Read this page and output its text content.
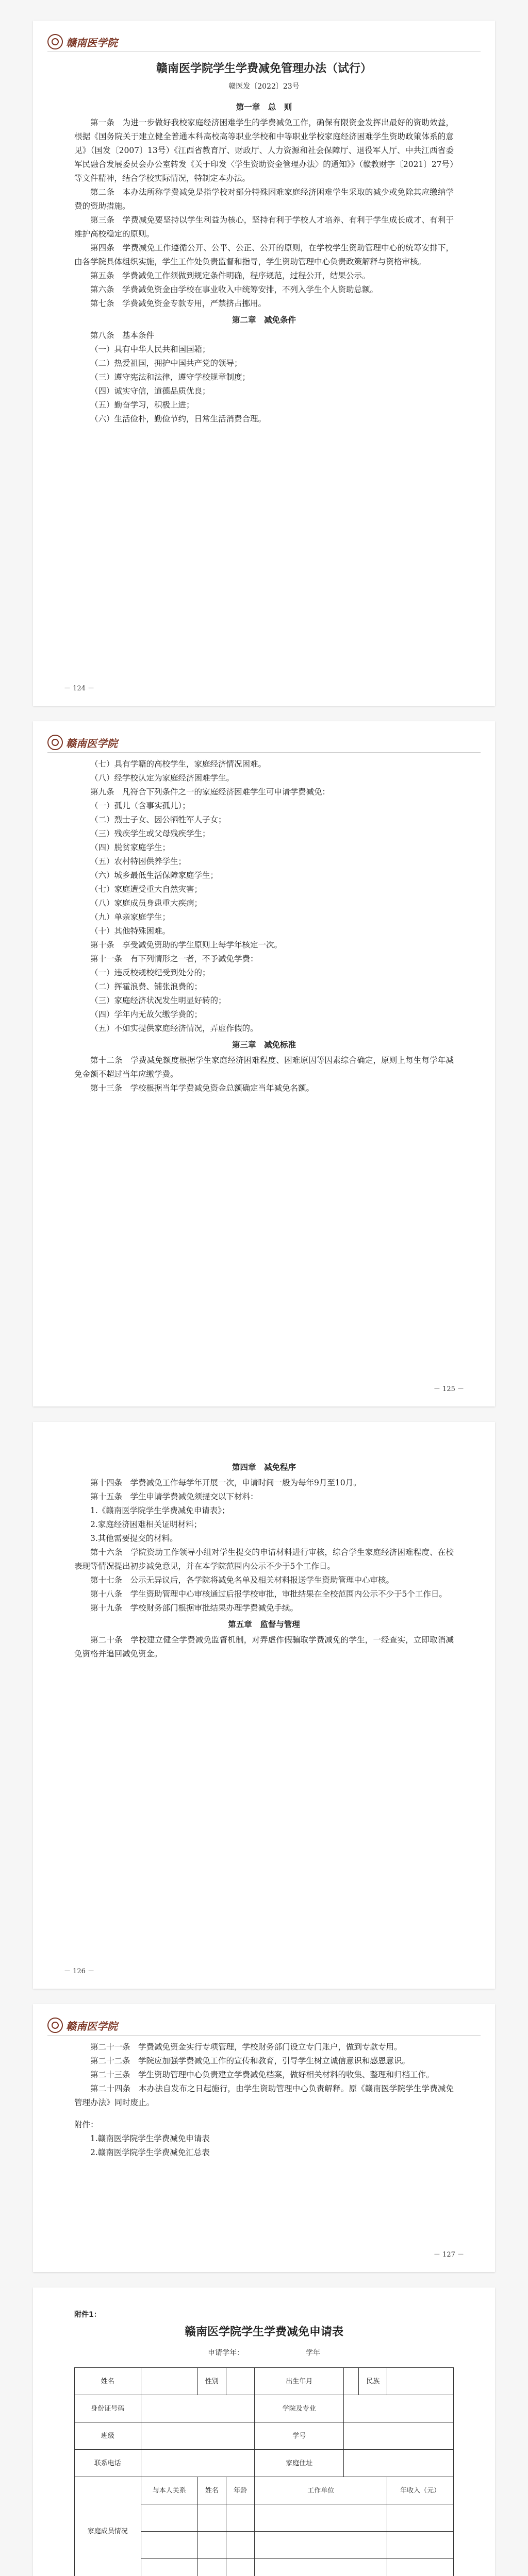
赣南医学院
赣南医学院学生学费减免管理办法（试行）
赣医发〔2022〕23号
第一章　总　则

第一条　为进一步做好我校家庭经济困难学生的学费减免工作，确保有限资金发挥出最好的资助效益，根据《国务院关于建立健全普通本科高校高等职业学校和中等职业学校家庭经济困难学生资助政策体系的意见》（国发〔2007〕13号）《江西省教育厅、财政厅、人力资源和社会保障厅、退役军人厅、中共江西省委军民融合发展委员会办公室转发《关于印发〈学生资助资金管理办法〉的通知》》（赣教财字〔2021〕27号）等文件精神，结合学校实际情况，特制定本办法。

第二条　本办法所称学费减免是指学校对部分特殊困难家庭经济困难学生采取的减少或免除其应缴纳学费的资助措施。

第三条　学费减免要坚持以学生利益为核心，坚持有利于学校人才培养、有利于学生成长成才、有利于维护高校稳定的原则。

第四条　学费减免工作遵循公开、公平、公正、公开的原则，在学校学生资助管理中心的统筹安排下，由各学院具体组织实施，学生工作处负责监督和指导，学生资助管理中心负责政策解释与资格审核。

第五条　学费减免工作须做到规定条件明确，程序规范，过程公开，结果公示。

第六条　学费减免资金由学校在事业收入中统筹安排，不列入学生个人资助总额。

第七条　学费减免资金专款专用，严禁挤占挪用。

第二章　减免条件

第八条　基本条件

（一）具有中华人民共和国国籍；

（二）热爱祖国，拥护中国共产党的领导；

（三）遵守宪法和法律，遵守学校规章制度；

（四）诚实守信，道德品质优良；

（五）勤奋学习，积极上进；

（六）生活俭朴，勤俭节约，日常生活消费合理。

－ 124 －
赣南医学院

（七）具有学籍的高校学生，家庭经济情况困难。

（八）经学校认定为家庭经济困难学生。

第九条　凡符合下列条件之一的家庭经济困难学生可申请学费减免：

（一）孤儿（含事实孤儿）；

（二）烈士子女、因公牺牲军人子女；

（三）残疾学生或父母残疾学生；

（四）脱贫家庭学生；

（五）农村特困供养学生；

（六）城乡最低生活保障家庭学生；

（七）家庭遭受重大自然灾害；

（八）家庭成员身患重大疾病；

（九）单亲家庭学生；

（十）其他特殊困难。

第十条　享受减免资助的学生原则上每学年核定一次。

第十一条　有下列情形之一者，不予减免学费：

（一）违反校规校纪受到处分的；

（二）挥霍浪费、铺张浪费的；

（三）家庭经济状况发生明显好转的；

（四）学年内无故欠缴学费的；

（五）不如实提供家庭经济情况，弄虚作假的。

第三章　减免标准

第十二条　学费减免额度根据学生家庭经济困难程度、困难原因等因素综合确定，原则上每生每学年减免金额不超过当年应缴学费。

第十三条　学校根据当年学费减免资金总额确定当年减免名额。

－ 125 －
第四章　减免程序

第十四条　学费减免工作每学年开展一次，申请时间一般为每年9月至10月。

第十五条　学生申请学费减免须提交以下材料：

1.《赣南医学院学生学费减免申请表》；

2.家庭经济困难相关证明材料；

3.其他需要提交的材料。

第十六条　学院资助工作领导小组对学生提交的申请材料进行审核，综合学生家庭经济困难程度、在校表现等情况提出初步减免意见，并在本学院范围内公示不少于5个工作日。

第十七条　公示无异议后，各学院将减免名单及相关材料报送学生资助管理中心审核。

第十八条　学生资助管理中心审核通过后报学校审批，审批结果在全校范围内公示不少于5个工作日。

第十九条　学校财务部门根据审批结果办理学费减免手续。

第五章　监督与管理

第二十条　学校建立健全学费减免监督机制，对弄虚作假骗取学费减免的学生，一经查实，立即取消减免资格并追回减免资金。

－ 126 －
赣南医学院

第二十一条　学费减免资金实行专项管理，学校财务部门设立专门账户，做到专款专用。

第二十二条　学院应加强学费减免工作的宣传和教育，引导学生树立诚信意识和感恩意识。

第二十三条　学生资助管理中心负责建立学费减免档案，做好相关材料的收集、整理和归档工作。

第二十四条　本办法自发布之日起施行，由学生资助管理中心负责解释。原《赣南医学院学生学费减免管理办法》同时废止。

附件：

1.赣南医学院学生学费减免申请表

2.赣南医学院学生学费减免汇总表

－ 127 －
附件1：
赣南医学院学生学费减免申请表
申请学年：	学年
姓名		性别		出生年月		民族	
身份证号码				学院及专业			
班级				学号			
联系电话				家庭住址			
家庭成员情况	与本人关系	姓名	年龄	工作单位			年收入（元）
